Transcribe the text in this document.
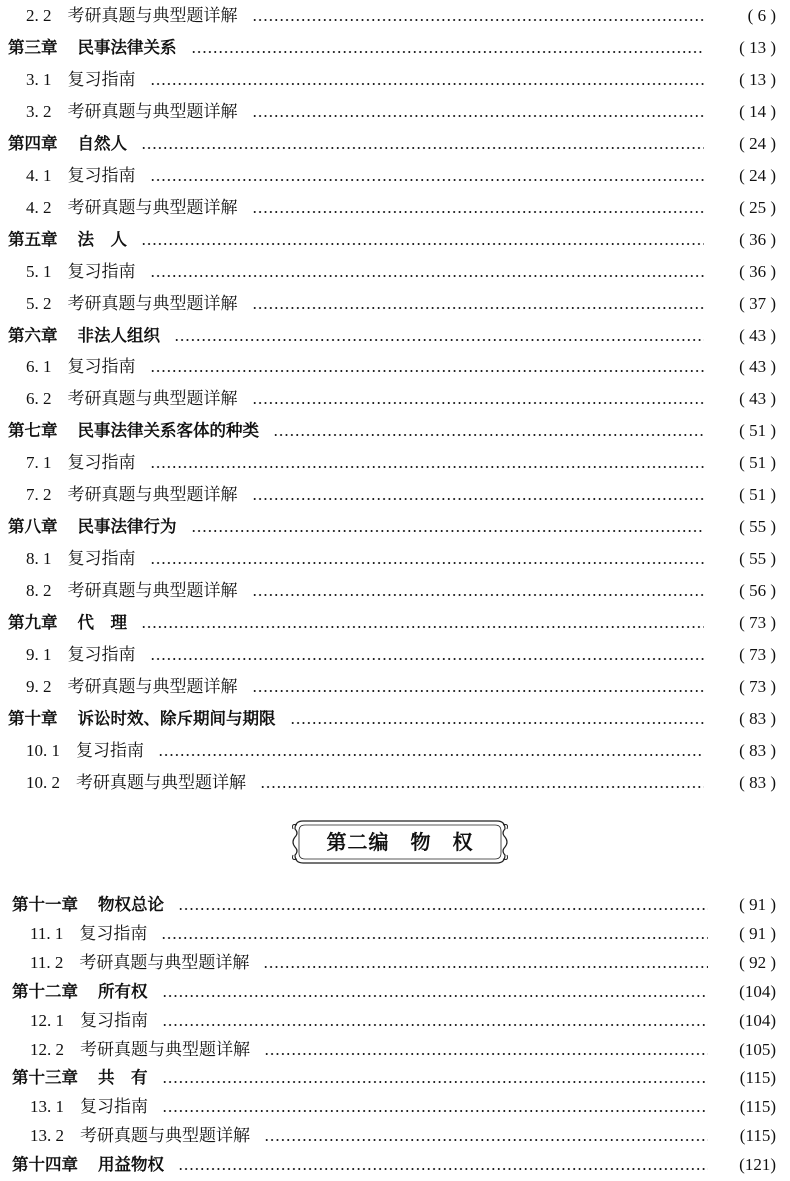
2. 2 考研真题与典型题详解	( 6 )
第三章 民事法律关系	( 13 )
3. 1 复习指南	( 13 )
3. 2 考研真题与典型题详解	( 14 )
第四章 自然人	( 24 )
4. 1 复习指南	( 24 )
4. 2 考研真题与典型题详解	( 25 )
第五章 法　人	( 36 )
5. 1 复习指南	( 36 )
5. 2 考研真题与典型题详解	( 37 )
第六章 非法人组织	( 43 )
6. 1 复习指南	( 43 )
6. 2 考研真题与典型题详解	( 43 )
第七章 民事法律关系客体的种类	( 51 )
7. 1 复习指南	( 51 )
7. 2 考研真题与典型题详解	( 51 )
第八章 民事法律行为	( 55 )
8. 1 复习指南	( 55 )
8. 2 考研真题与典型题详解	( 56 )
第九章 代　理	( 73 )
9. 1 复习指南	( 73 )
9. 2 考研真题与典型题详解	( 73 )
第十章 诉讼时效、除斥期间与期限	( 83 )
10. 1 复习指南	( 83 )
10. 2 考研真题与典型题详解	( 83 )
第十一章 物权总论	( 91 )
11. 1 复习指南	( 91 )
11. 2 考研真题与典型题详解	( 92 )
第十二章 所有权	(104)
12. 1 复习指南	(104)
12. 2 考研真题与典型题详解	(105)
第十三章 共　有	(115)
13. 1 复习指南	(115)
13. 2 考研真题与典型题详解	(115)
第十四章 用益物权	(121)
第二编　物　权
